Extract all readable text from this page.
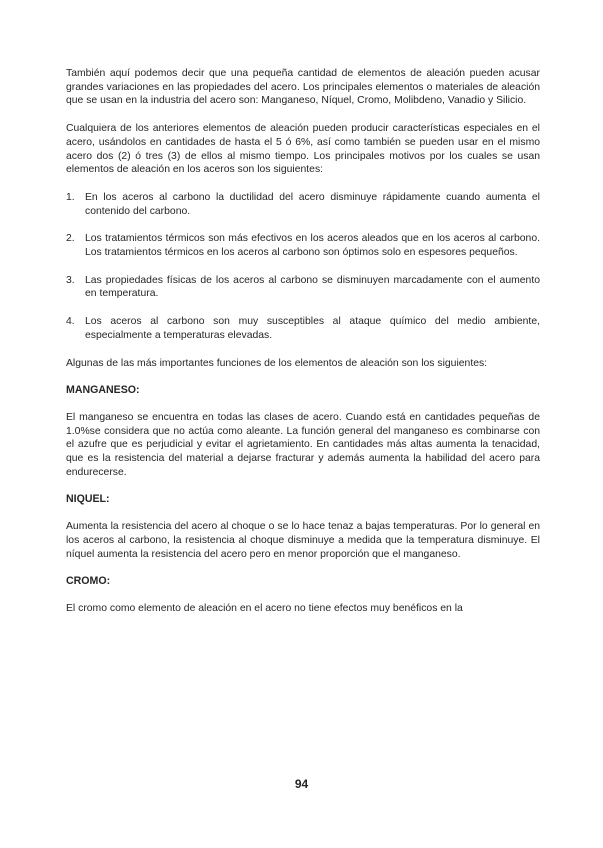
También aquí podemos decir que una pequeña cantidad de elementos de aleación pueden acusar grandes variaciones en las propiedades del acero. Los principales elementos o materiales de aleación que se usan en la industria del acero son: Manganeso, Níquel, Cromo, Molibdeno, Vanadio y Silicio.

Cualquiera de los anteriores elementos de aleación pueden producir características especiales en el acero, usándolos en cantidades de hasta el 5 ó 6%, así como también se pueden usar en el mismo acero dos (2) ó tres (3) de ellos al mismo tiempo. Los principales motivos por los cuales se usan elementos de aleación en los aceros son los siguientes:

1. En los aceros al carbono la ductilidad del acero disminuye rápidamente cuando aumenta el contenido del carbono.
2. Los tratamientos térmicos son más efectivos en los aceros aleados que en los aceros al carbono. Los tratamientos térmicos en los aceros al carbono son óptimos solo en espesores pequeños.
3. Las propiedades físicas de los aceros al carbono se disminuyen marcadamente con el aumento en temperatura.
4. Los aceros al carbono son muy susceptibles al ataque químico del medio ambiente, especialmente a temperaturas elevadas.

Algunas de las más importantes funciones de los elementos de aleación son los siguientes:

MANGANESO:

El manganeso se encuentra en todas las clases de acero. Cuando está en cantidades pequeñas de 1.0%se considera que no actúa como aleante. La función general del manganeso es combinarse con el azufre que es perjudicial y evitar el agrietamiento. En cantidades más altas aumenta la tenacidad, que es la resistencia del material a dejarse fracturar y además aumenta la habilidad del acero para endurecerse.

NIQUEL:

Aumenta la resistencia del acero al choque o se lo hace tenaz a bajas temperaturas. Por lo general en los aceros al carbono, la resistencia al choque disminuye a medida que la temperatura disminuye. El níquel aumenta la resistencia del acero pero en menor proporción que el manganeso.

CROMO:

El cromo como elemento de aleación en el acero no tiene efectos muy benéficos en la

94
